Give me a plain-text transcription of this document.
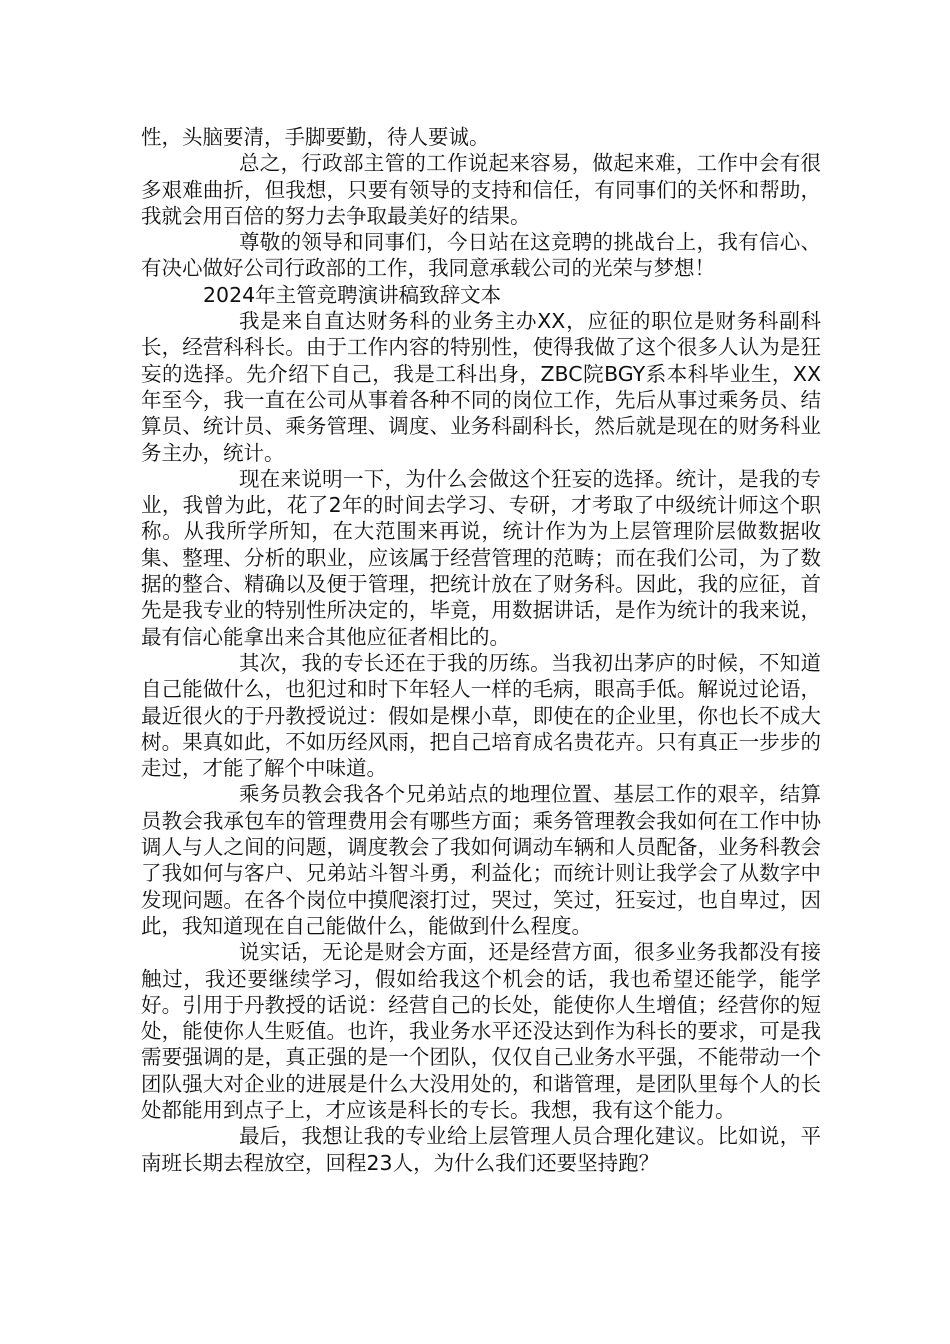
性，头脑要清，手脚要勤，待人要诚。

总之，行政部主管的工作说起来容易，做起来难，工作中会有很多艰难曲折，但我想，只要有领导的支持和信任，有同事们的关怀和帮助，我就会用百倍的努力去争取最美好的结果。

尊敬的领导和同事们，今日站在这竞聘的挑战台上，我有信心、有决心做好公司行政部的工作，我同意承载公司的光荣与梦想！

2024年主管竞聘演讲稿致辞文本

我是来自直达财务科的业务主办XX，应征的职位是财务科副科长，经营科科长。由于工作内容的特别性，使得我做了这个很多人认为是狂妄的选择。先介绍下自己，我是工科出身，ZBC院BGY系本科毕业生，XX年至今，我一直在公司从事着各种不同的岗位工作，先后从事过乘务员、结算员、统计员、乘务管理、调度、业务科副科长，然后就是现在的财务科业务主办，统计。

现在来说明一下，为什么会做这个狂妄的选择。统计，是我的专业，我曾为此，花了2年的时间去学习、专研，才考取了中级统计师这个职称。从我所学所知，在大范围来再说，统计作为为上层管理阶层做数据收集、整理、分析的职业，应该属于经营管理的范畴；而在我们公司，为了数据的整合、精确以及便于管理，把统计放在了财务科。因此，我的应征，首先是我专业的特别性所决定的，毕竟，用数据讲话，是作为统计的我来说，最有信心能拿出来合其他应征者相比的。

其次，我的专长还在于我的历练。当我初出茅庐的时候，不知道自己能做什么，也犯过和时下年轻人一样的毛病，眼高手低。解说过论语，最近很火的于丹教授说过：假如是棵小草，即使在的企业里，你也长不成大树。果真如此，不如历经风雨，把自己培育成名贵花卉。只有真正一步步的走过，才能了解个中味道。

乘务员教会我各个兄弟站点的地理位置、基层工作的艰辛，结算员教会我承包车的管理费用会有哪些方面；乘务管理教会我如何在工作中协调人与人之间的问题，调度教会了我如何调动车辆和人员配备，业务科教会了我如何与客户、兄弟站斗智斗勇，利益化；而统计则让我学会了从数字中发现问题。在各个岗位中摸爬滚打过，哭过，笑过，狂妄过，也自卑过，因此，我知道现在自己能做什么，能做到什么程度。

说实话，无论是财会方面，还是经营方面，很多业务我都没有接触过，我还要继续学习，假如给我这个机会的话，我也希望还能学，能学好。引用于丹教授的话说：经营自己的长处，能使你人生增值；经营你的短处，能使你人生贬值。也许，我业务水平还没达到作为科长的要求，可是我需要强调的是，真正强的是一个团队，仅仅自己业务水平强，不能带动一个团队强大对企业的进展是什么大没用处的，和谐管理，是团队里每个人的长处都能用到点子上，才应该是科长的专长。我想，我有这个能力。

最后，我想让我的专业给上层管理人员合理化建议。比如说，平南班长期去程放空，回程23人，为什么我们还要坚持跑？
